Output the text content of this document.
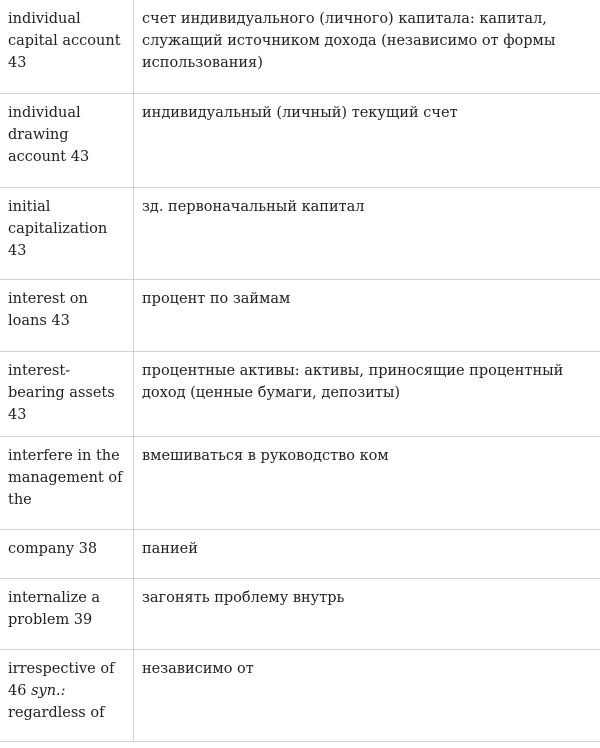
individual capital account 43	счет индивидуального (личного) капитала: капитал, служащий источником дохода (независимо от формы использования)
individual drawing account 43	индивидуальный (личный) текущий счет
initial capitalization 43	зд. первоначальный капитал
interest on loans 43	процент по займам
interest-bearing assets 43	процентные активы: активы, приносящие процентный доход (ценные бумаги, депозиты)
interfere in the management of the	вмешиваться в руководство ком
company 38	панией
internalize a problem 39	загонять проблему внутрь
irrespective of 46 syn.: regardless of	независимо от
